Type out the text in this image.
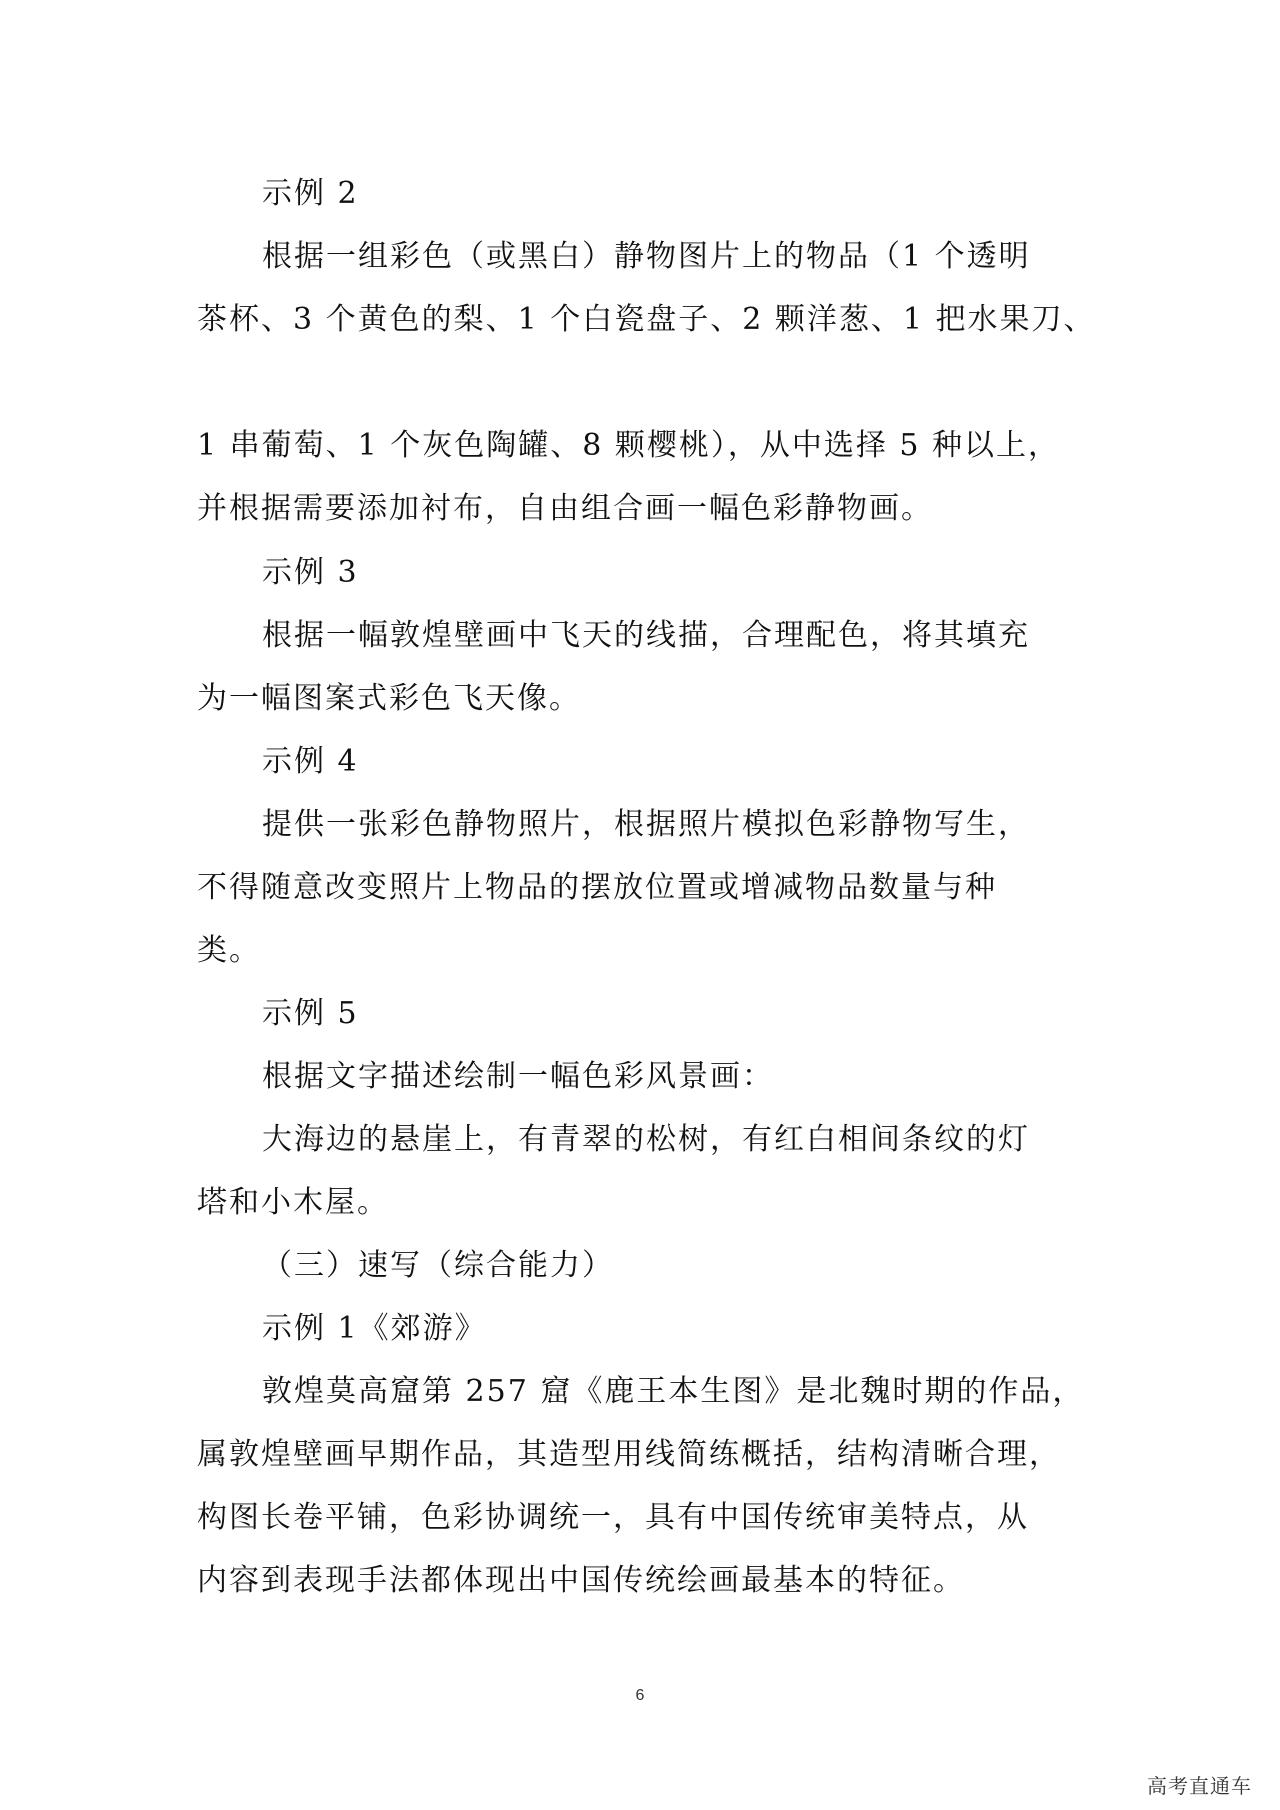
示例 2
根据一组彩色（或黑白）静物图片上的物品（1 个透明
茶杯、3 个黄色的梨、1 个白瓷盘子、2 颗洋葱、1 把水果刀、
1 串葡萄、1 个灰色陶罐、8 颗樱桃），从中选择 5 种以上，
并根据需要添加衬布，自由组合画一幅色彩静物画。
示例 3
根据一幅敦煌壁画中飞天的线描，合理配色，将其填充
为一幅图案式彩色飞天像。
示例 4
提供一张彩色静物照片，根据照片模拟色彩静物写生，
不得随意改变照片上物品的摆放位置或增减物品数量与种
类。
示例 5
根据文字描述绘制一幅色彩风景画：
大海边的悬崖上，有青翠的松树，有红白相间条纹的灯
塔和小木屋。
（三）速写（综合能力）
示例 1《郊游》
敦煌莫高窟第 257 窟《鹿王本生图》是北魏时期的作品，
属敦煌壁画早期作品，其造型用线简练概括，结构清晰合理，
构图长卷平铺，色彩协调统一，具有中国传统审美特点，从
内容到表现手法都体现出中国传统绘画最基本的特征。
6
高考直通车
